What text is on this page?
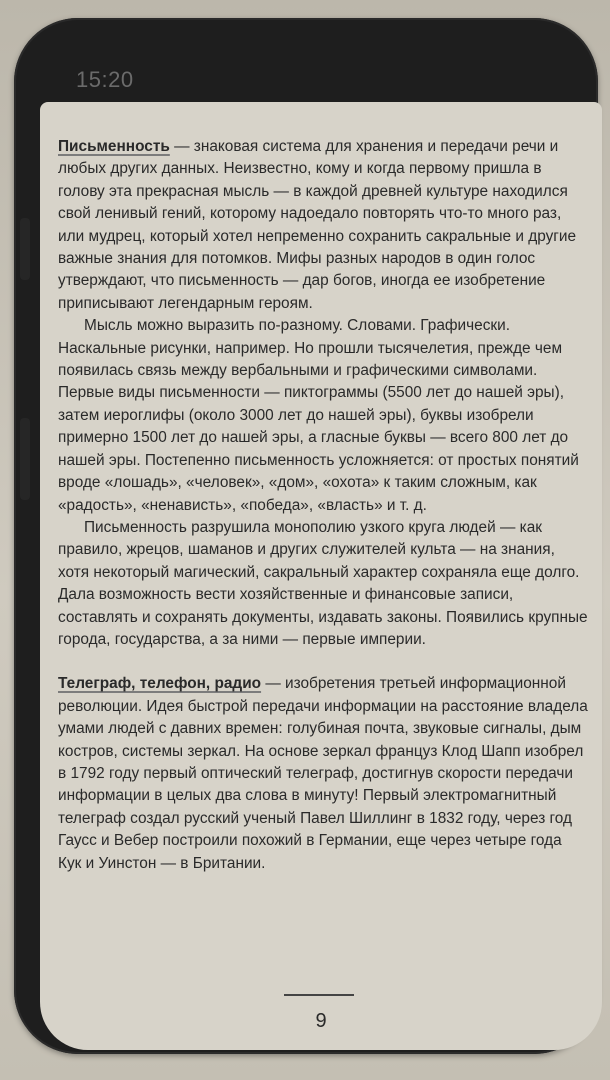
15:20

Письменность — знаковая система для хранения и передачи речи и любых других данных. Неизвестно, кому и когда первому пришла в голову эта прекрасная мысль — в каждой древней культуре находился свой ленивый гений, которому надоедало повторять что-то много раз, или мудрец, который хотел непременно сохранить сакральные и другие важные знания для потомков. Мифы разных народов в один голос утверждают, что письменность — дар богов, иногда ее изобретение приписывают легендарным героям.

Мысль можно выразить по-разному. Словами. Графически. Наскальные рисунки, например. Но прошли тысячелетия, прежде чем появилась связь между вербальными и графическими символами. Первые виды письменности — пиктограммы (5500 лет до нашей эры), затем иероглифы (около 3000 лет до нашей эры), буквы изобрели примерно 1500 лет до нашей эры, а гласные буквы — всего 800 лет до нашей эры. Постепенно письменность усложняется: от простых понятий вроде «лошадь», «человек», «дом», «охота» к таким сложным, как «радость», «ненависть», «победа», «власть» и т. д.

Письменность разрушила монополию узкого круга людей — как правило, жрецов, шаманов и других служителей культа — на знания, хотя некоторый магический, сакральный характер сохраняла еще долго. Дала возможность вести хозяйственные и финансовые записи, составлять и сохранять документы, издавать законы. Появились крупные города, государства, а за ними — первые империи.

Телеграф, телефон, радио — изобретения третьей информационной революции. Идея быстрой передачи информации на расстояние владела умами людей с давних времен: голубиная почта, звуковые сигналы, дым костров, системы зеркал. На основе зеркал француз Клод Шапп изобрел в 1792 году первый оптический телеграф, достигнув скорости передачи информации в целых два слова в минуту! Первый электромагнитный телеграф создал русский ученый Павел Шиллинг в 1832 году, через год Гаусс и Вебер построили похожий в Германии, еще через четыре года Кук и Уинстон — в Британии.

9
